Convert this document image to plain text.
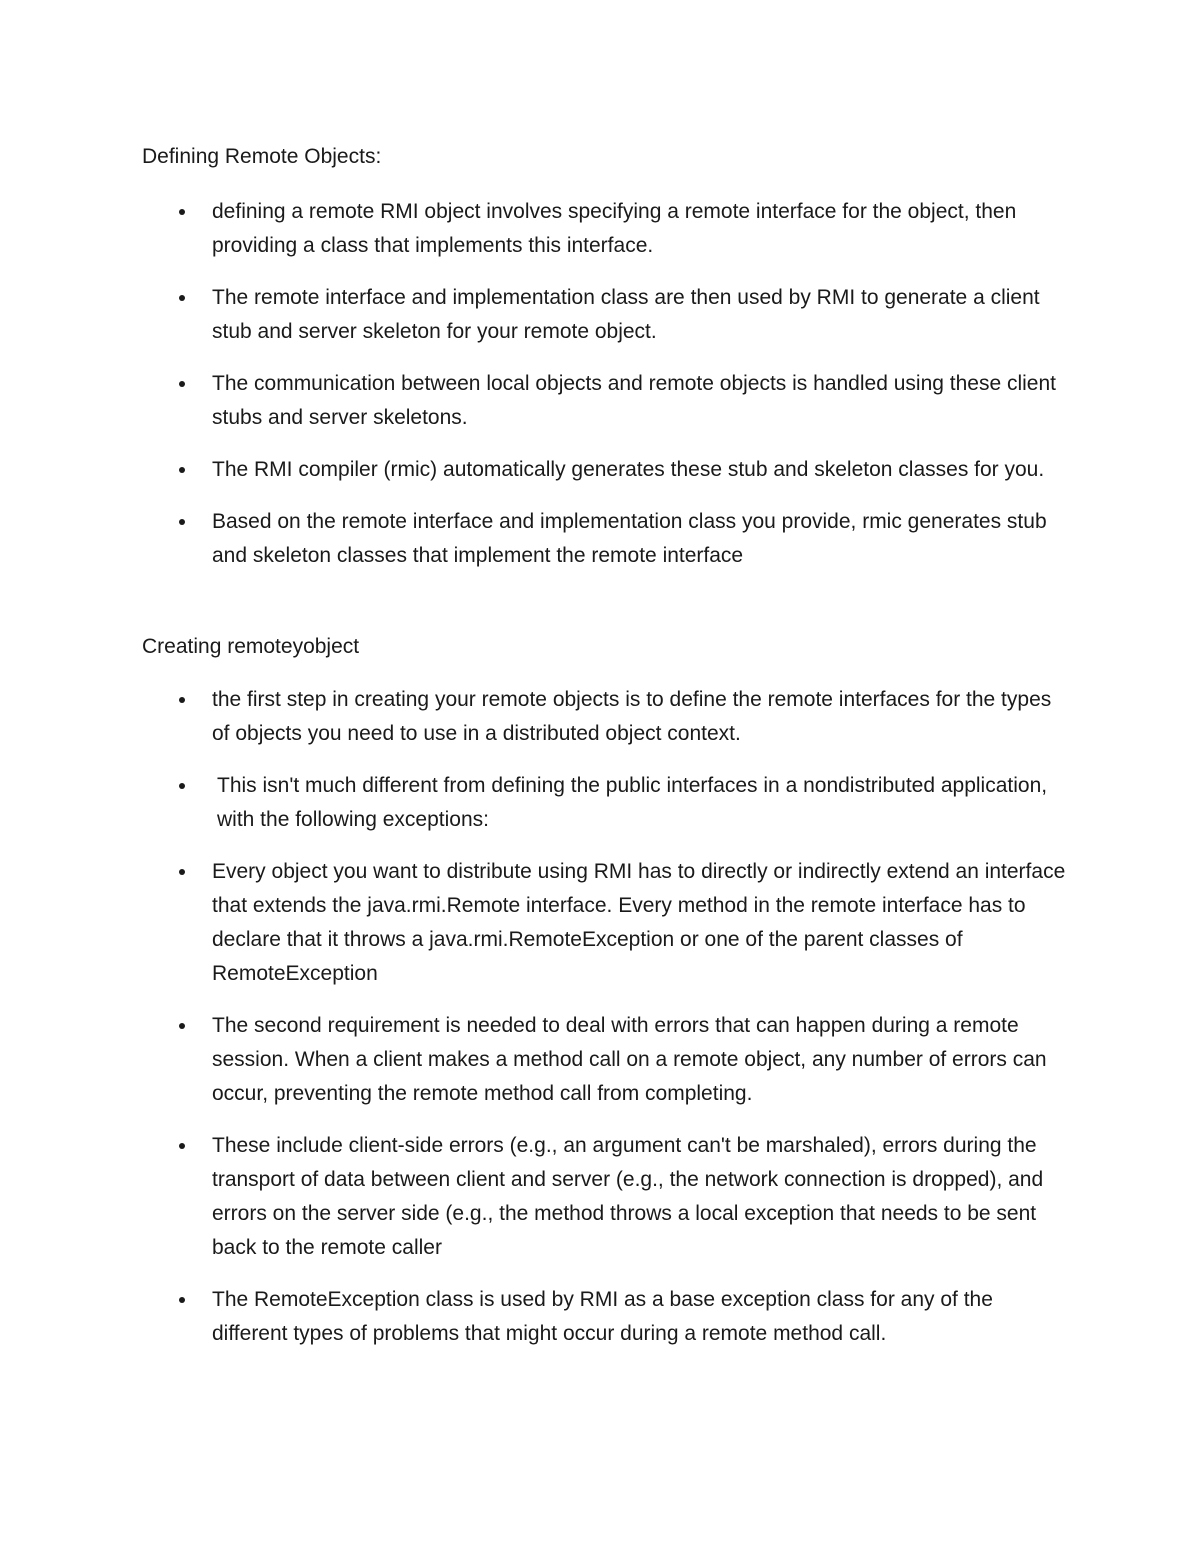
Defining Remote Objects:
defining a remote RMI object involves specifying a remote interface for the object, then providing a class that implements this interface.
The remote interface and implementation class are then used by RMI to generate a client stub and server skeleton for your remote object.
The communication between local objects and remote objects is handled using these client stubs and server skeletons.
The RMI compiler (rmic) automatically generates these stub and skeleton classes for you.
Based on the remote interface and implementation class you provide, rmic generates stub and skeleton classes that implement the remote interface
Creating remoteyobject
the first step in creating your remote objects is to define the remote interfaces for the types of objects you need to use in a distributed object context.
This isn't much different from defining the public interfaces in a nondistributed application, with the following exceptions:
Every object you want to distribute using RMI has to directly or indirectly extend an interface that extends the java.rmi.Remote interface. Every method in the remote interface has to declare that it throws a java.rmi.RemoteException or one of the parent classes of RemoteException
The second requirement is needed to deal with errors that can happen during a remote session. When a client makes a method call on a remote object, any number of errors can occur, preventing the remote method call from completing.
These include client-side errors (e.g., an argument can't be marshaled), errors during the transport of data between client and server (e.g., the network connection is dropped), and errors on the server side (e.g., the method throws a local exception that needs to be sent back to the remote caller
The RemoteException class is used by RMI as a base exception class for any of the different types of problems that might occur during a remote method call.
